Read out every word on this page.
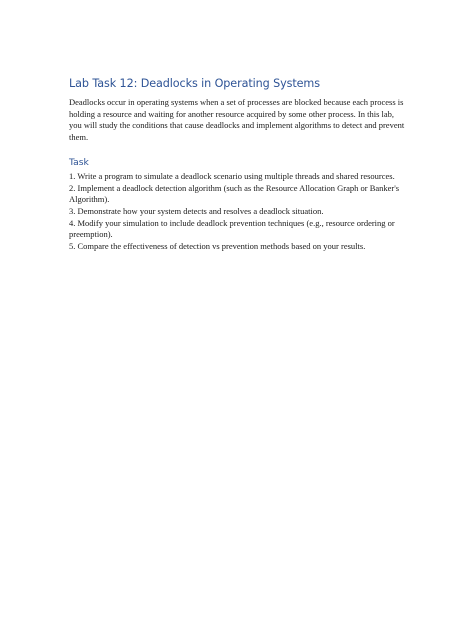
Lab Task 12: Deadlocks in Operating Systems

Deadlocks occur in operating systems when a set of processes are blocked because each process is holding a resource and waiting for another resource acquired by some other process. In this lab, you will study the conditions that cause deadlocks and implement algorithms to detect and prevent them.

Task
1. Write a program to simulate a deadlock scenario using multiple threads and shared resources.
2. Implement a deadlock detection algorithm (such as the Resource Allocation Graph or Banker's Algorithm).
3. Demonstrate how your system detects and resolves a deadlock situation.
4. Modify your simulation to include deadlock prevention techniques (e.g., resource ordering or preemption).
5. Compare the effectiveness of detection vs prevention methods based on your results.
